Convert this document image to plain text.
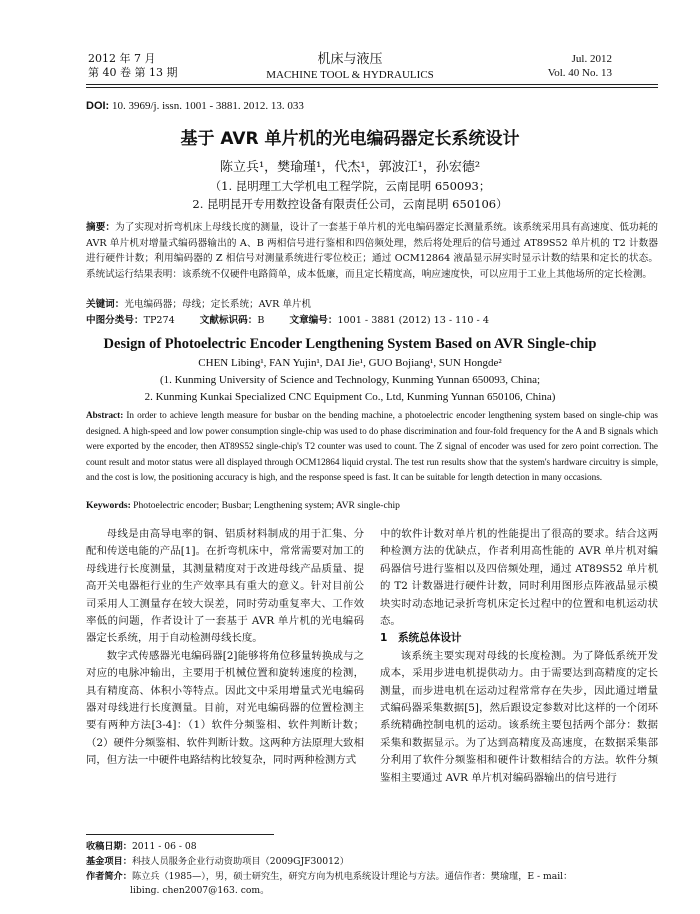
2012 年 7 月
第 40 卷 第 13 期
机床与液压
MACHINE TOOL & HYDRAULICS
Jul. 2012
Vol. 40 No. 13
DOI: 10. 3969/j. issn. 1001 - 3881. 2012. 13. 033
基于 AVR 单片机的光电编码器定长系统设计
陈立兵¹，樊瑜瑾¹，代杰¹，郭波江¹，孙宏德²
（1. 昆明理工大学机电工程学院，云南昆明 650093；
2. 昆明昆开专用数控设备有限责任公司，云南昆明 650106）
摘要：为了实现对折弯机床上母线长度的测量，设计了一套基于单片机的光电编码器定长测量系统。该系统采用具有高速度、低功耗的 AVR 单片机对增量式编码器输出的 A、B 两相信号进行鉴相和四倍频处理，然后将处理后的信号通过 AT89S52 单片机的 T2 计数器进行硬件计数；利用编码器的 Z 相信号对测量系统进行零位校正；通过 OCM12864 液晶显示屏实时显示计数的结果和定长的状态。系统试运行结果表明：该系统不仅硬件电路简单，成本低廉，而且定长精度高，响应速度快，可以应用于工业上其他场所的定长检测。
关键词：光电编码器；母线；定长系统；AVR 单片机
中图分类号：TP274	文献标识码：B	文章编号：1001 - 3881 (2012) 13 - 110 - 4
Design of Photoelectric Encoder Lengthening System Based on AVR Single-chip
CHEN Libing¹, FAN Yujin¹, DAI Jie¹, GUO Bojiang¹, SUN Hongde²
(1. Kunming University of Science and Technology, Kunming Yunnan 650093, China;
2. Kunming Kunkai Specialized CNC Equipment Co., Ltd, Kunming Yunnan 650106, China)
Abstract: In order to achieve length measure for busbar on the bending machine, a photoelectric encoder lengthening system based on single-chip was designed. A high-speed and low power consumption single-chip was used to do phase discrimination and four-fold frequency for the A and B signals which were exported by the encoder, then AT89S52 single-chip's T2 counter was used to count. The Z signal of encoder was used for zero point correction. The count result and motor status were all displayed through OCM12864 liquid crystal. The test run results show that the system's hardware circuitry is simple, and the cost is low, the positioning accuracy is high, and the response speed is fast. It can be suitable for length detection in many occasions.
Keywords: Photoelectric encoder; Busbar; Lengthening system; AVR single-chip

母线是由高导电率的铜、铝质材料制成的用于汇集、分配和传送电能的产品[1]。在折弯机床中，常常需要对加工的母线进行长度测量，其测量精度对于改进母线产品质量、提高开关电器柜行业的生产效率具有重大的意义。针对目前公司采用人工测量存在较大误差，同时劳动重复率大、工作效率低的问题，作者设计了一套基于 AVR 单片机的光电编码器定长系统，用于自动检测母线长度。

数字式传感器光电编码器[2]能够将角位移量转换成与之对应的电脉冲输出，主要用于机械位置和旋转速度的检测，具有精度高、体积小等特点。因此文中采用增量式光电编码器对母线进行长度测量。目前，对光电编码器的位置检测主要有两种方法[3-4]：（1）软件分频鉴相、软件判断计数；（2）硬件分频鉴相、软件判断计数。这两种方法原理大致相同，但方法一中硬件电路结构比较复杂，同时两种检测方式

中的软件计数对单片机的性能提出了很高的要求。结合这两种检测方法的优缺点，作者利用高性能的 AVR 单片机对编码器信号进行鉴相以及四倍频处理，通过 AT89S52 单片机的 T2 计数器进行硬件计数，同时利用图形点阵液晶显示模块实时动态地记录折弯机床定长过程中的位置和电机运动状态。

1　系统总体设计

该系统主要实现对母线的长度检测。为了降低系统开发成本，采用步进电机提供动力。由于需要达到高精度的定长测量，而步进电机在运动过程常常存在失步，因此通过增量式编码器采集数据[5]，然后跟设定参数对比这样的一个闭环系统精确控制电机的运动。该系统主要包括两个部分：数据采集和数据显示。为了达到高精度及高速度，在数据采集部分利用了软件分频鉴相和硬件计数相结合的方法。软件分频鉴相主要通过 AVR 单片机对编码器输出的信号进行

收稿日期：2011 - 06 - 08
基金项目：科技人员服务企业行动资助项目（2009GJF30012）
作者简介：陈立兵（1985—），男，硕士研究生，研究方向为机电系统设计理论与方法。通信作者：樊瑜瑾，E - mail：
libing. chen2007@163. com。
